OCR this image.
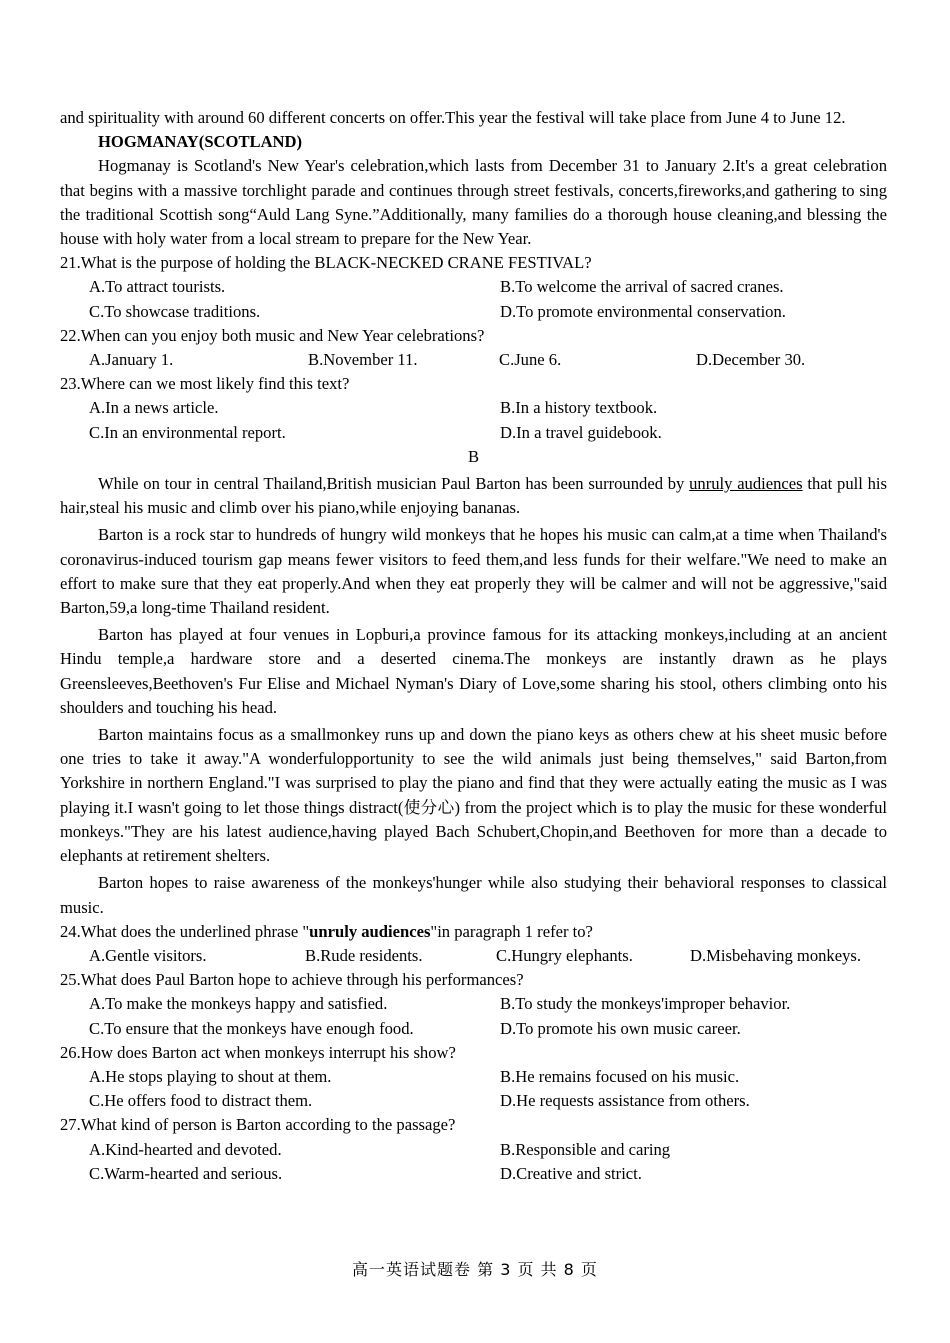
and spirituality with around 60 different concerts on offer.This year the festival will take place from June 4 to June 12.

HOGMANAY(SCOTLAND)

Hogmanay is Scotland's New Year's celebration,which lasts from December 31 to January 2.It's a great celebration that begins with a massive torchlight parade and continues through street festivals, concerts,fireworks,and gathering to sing the traditional Scottish song“Auld Lang Syne.”Additionally, many families do a thorough house cleaning,and blessing the house with holy water from a local stream to prepare for the New Year.

21.What is the purpose of holding the BLACK-NECKED CRANE FESTIVAL?

A.To attract tourists.	B.To welcome the arrival of sacred cranes.
C.To showcase traditions.	D.To promote environmental conservation.

22.When can you enjoy both music and New Year celebrations?

A.January 1.	B.November 11.	C.June 6.	D.December 30.

23.Where can we most likely find this text?

A.In a news article.	B.In a history textbook.
C.In an environmental report.	D.In a travel guidebook.

B

While on tour in central Thailand,British musician Paul Barton has been surrounded by unruly audiences that pull his hair,steal his music and climb over his piano,while enjoying bananas.

Barton is a rock star to hundreds of hungry wild monkeys that he hopes his music can calm,at a time when Thailand's coronavirus-induced tourism gap means fewer visitors to feed them,and less funds for their welfare."We need to make an effort to make sure that they eat properly.And when they eat properly they will be calmer and will not be aggressive,"said Barton,59,a long-time Thailand resident.

Barton has played at four venues in Lopburi,a province famous for its attacking monkeys,including at an ancient Hindu temple,a hardware store and a deserted cinema.The monkeys are instantly drawn as he plays Greensleeves,Beethoven's Fur Elise and Michael Nyman's Diary of Love,some sharing his stool, others climbing onto his shoulders and touching his head.

Barton maintains focus as a smallmonkey runs up and down the piano keys as others chew at his sheet music before one tries to take it away."A wonderfulopportunity to see the wild animals just being themselves," said Barton,from Yorkshire in northern England."I was surprised to play the piano and find that they were actually eating the music as I was playing it.I wasn't going to let those things distract(使分心) from the project which is to play the music for these wonderful monkeys."They are his latest audience,having played Bach Schubert,Chopin,and Beethoven for more than a decade to elephants at retirement shelters.

Barton hopes to raise awareness of the monkeys'hunger while also studying their behavioral responses to classical music.

24.What does the underlined phrase "unruly audiences"in paragraph 1 refer to?

A.Gentle visitors.	B.Rude residents.	C.Hungry elephants.	D.Misbehaving monkeys.

25.What does Paul Barton hope to achieve through his performances?

A.To make the monkeys happy and satisfied.	B.To study the monkeys'improper behavior.
C.To ensure that the monkeys have enough food.	D.To promote his own music career.

26.How does Barton act when monkeys interrupt his show?

A.He stops playing to shout at them.	B.He remains focused on his music.
C.He offers food to distract them.	D.He requests assistance from others.

27.What kind of person is Barton according to the passage?

A.Kind-hearted and devoted.	B.Responsible and caring
C.Warm-hearted and serious.	D.Creative and strict.
高一英语试题卷 第 3 页 共 8 页
